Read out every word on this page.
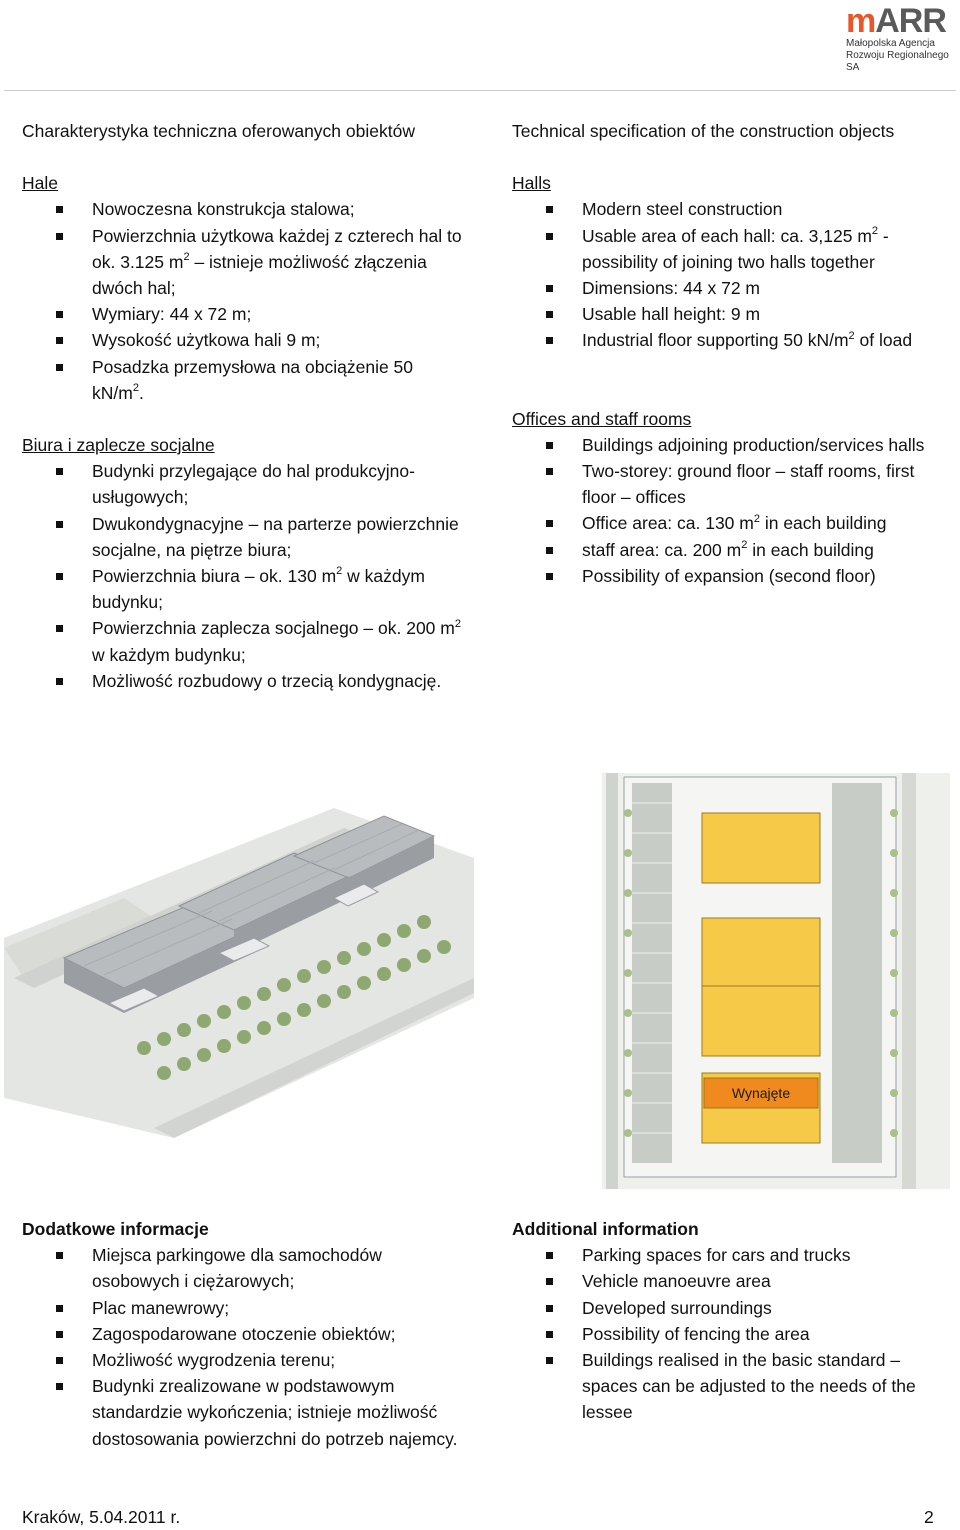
mARR
Małopolska Agencja
Rozwoju Regionalnego SA
Charakterystyka techniczna oferowanych obiektów
Hale
Nowoczesna konstrukcja stalowa;
Powierzchnia użytkowa każdej z czterech hal to ok. 3.125 $m^2$ – istnieje możliwość złączenia dwóch hal;
Wymiary: 44 x 72 m;
Wysokość użytkowa hali 9 m;
Posadzka przemysłowa na obciążenie 50 $kN/m^2$.
Biura i zaplecze socjalne
Budynki przylegające do hal produkcyjno-usługowych;
Dwukondygnacyjne – na parterze powierzchnie socjalne, na piętrze biura;
Powierzchnia biura – ok. 130 $m^2$ w każdym budynku;
Powierzchnia zaplecza socjalnego – ok. 200 $m^2$ w każdym budynku;
Możliwość rozbudowy o trzecią kondygnację.
Technical specification of the construction objects
Halls
Modern steel construction
Usable area of each hall: ca. 3,125 $m^2$ - possibility of joining two halls together
Dimensions: 44 x 72 m
Usable hall height: 9 m
Industrial floor supporting 50 $kN/m^2$ of load
Offices and staff rooms
Buildings adjoining production/services halls
Two-storey: ground floor – staff rooms, first floor – offices
Office area: ca. 130 $m^2$ in each building
staff area: ca. 200 $m^2$ in each building
Possibility of expansion (second floor)
Wynajęte
Dodatkowe informacje
Miejsca parkingowe dla samochodów osobowych i ciężarowych;
Plac manewrowy;
Zagospodarowane otoczenie obiektów;
Możliwość wygrodzenia terenu;
Budynki zrealizowane w podstawowym standardzie wykończenia; istnieje możliwość dostosowania powierzchni do potrzeb najemcy.
Additional information
Parking spaces for cars and trucks
Vehicle manoeuvre area
Developed surroundings
Possibility of fencing the area
Buildings realised in the basic standard – spaces can be adjusted to the needs of the lessee
Kraków, 5.04.2011 r.	2
